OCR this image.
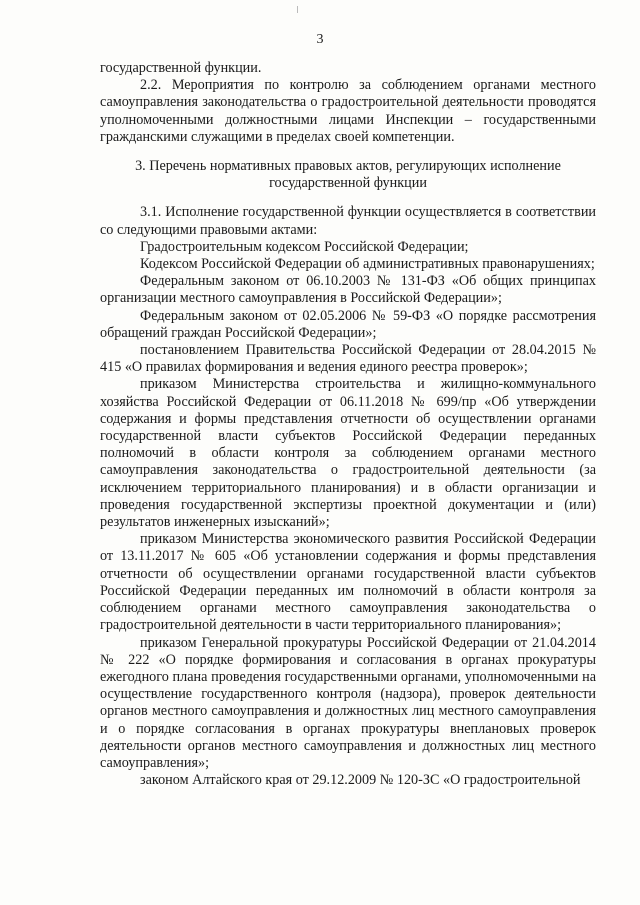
3

государственной функции.

2.2. Мероприятия по контролю за соблюдением органами местного самоуправления законодательства о градостроительной деятельности проводятся уполномоченными должностными лицами Инспекции – государственными гражданскими служащими в пределах своей компетенции.

3. Перечень нормативных правовых актов, регулирующих исполнение государственной функции

3.1. Исполнение государственной функции осуществляется в соответствии со следующими правовыми актами:

Градостроительным кодексом Российской Федерации;

Кодексом Российской Федерации об административных правонарушениях;

Федеральным законом от 06.10.2003 № 131-ФЗ «Об общих принципах организации местного самоуправления в Российской Федерации»;

Федеральным законом от 02.05.2006 № 59-ФЗ «О порядке рассмотрения обращений граждан Российской Федерации»;

постановлением Правительства Российской Федерации от 28.04.2015 № 415 «О правилах формирования и ведения единого реестра проверок»;

приказом Министерства строительства и жилищно-коммунального хозяйства Российской Федерации от 06.11.2018 № 699/пр «Об утверждении содержания и формы представления отчетности об осуществлении органами государственной власти субъектов Российской Федерации переданных полномочий в области контроля за соблюдением органами местного самоуправления законодательства о градостроительной деятельности (за исключением территориального планирования) и в области организации и проведения государственной экспертизы проектной документации и (или) результатов инженерных изысканий»;

приказом Министерства экономического развития Российской Федерации от 13.11.2017 № 605 «Об установлении содержания и формы представления отчетности об осуществлении органами государственной власти субъектов Российской Федерации переданных им полномочий в области контроля за соблюдением органами местного самоуправления законодательства о градостроительной деятельности в части территориального планирования»;

приказом Генеральной прокуратуры Российской Федерации от 21.04.2014 № 222 «О порядке формирования и согласования в органах прокуратуры ежегодного плана проведения государственными органами, уполномоченными на осуществление государственного контроля (надзора), проверок деятельности органов местного самоуправления и должностных лиц местного самоуправления и о порядке согласования в органах прокуратуры внеплановых проверок деятельности органов местного самоуправления и должностных лиц местного самоуправления»;

законом Алтайского края от 29.12.2009 № 120-ЗС «О градостроительной
